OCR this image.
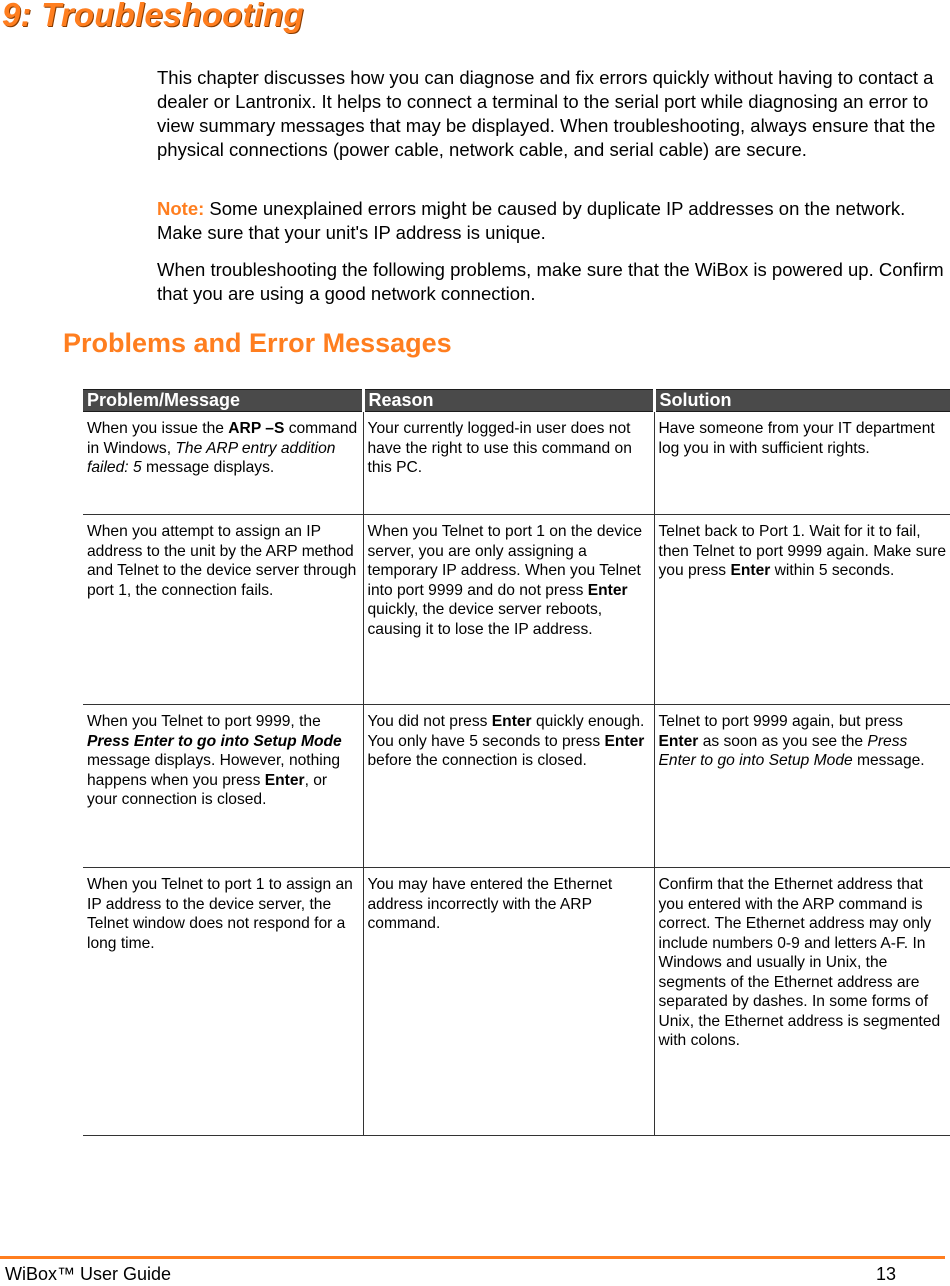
9: Troubleshooting

This chapter discusses how you can diagnose and fix errors quickly without having to contact a dealer or Lantronix. It helps to connect a terminal to the serial port while diagnosing an error to view summary messages that may be displayed. When troubleshooting, always ensure that the physical connections (power cable, network cable, and serial cable) are secure.

Note: Some unexplained errors might be caused by duplicate IP addresses on the network. Make sure that your unit's IP address is unique.

When troubleshooting the following problems, make sure that the WiBox is powered up. Confirm that you are using a good network connection.

Problems and Error Messages
Problem/Message	Reason	Solution
When you issue the ARP –S command in Windows, The ARP entry addition failed: 5 message displays.	Your currently logged-in user does not have the right to use this command on this PC.	Have someone from your IT department log you in with sufficient rights.
When you attempt to assign an IP address to the unit by the ARP method and Telnet to the device server through port 1, the connection fails.	When you Telnet to port 1 on the device server, you are only assigning a temporary IP address. When you Telnet into port 9999 and do not press Enter quickly, the device server reboots, causing it to lose the IP address.	Telnet back to Port 1. Wait for it to fail, then Telnet to port 9999 again. Make sure you press Enter within 5 seconds.
When you Telnet to port 9999, the Press Enter to go into Setup Mode message displays. However, nothing happens when you press Enter, or your connection is closed.	You did not press Enter quickly enough. You only have 5 seconds to press Enter before the connection is closed.	Telnet to port 9999 again, but press Enter as soon as you see the Press Enter to go into Setup Mode message.
When you Telnet to port 1 to assign an IP address to the device server, the Telnet window does not respond for a long time.	You may have entered the Ethernet address incorrectly with the ARP command.	Confirm that the Ethernet address that you entered with the ARP command is correct. The Ethernet address may only include numbers 0-9 and letters A-F. In Windows and usually in Unix, the segments of the Ethernet address are separated by dashes. In some forms of Unix, the Ethernet address is segmented with colons.
WiBox™ User Guide	13
